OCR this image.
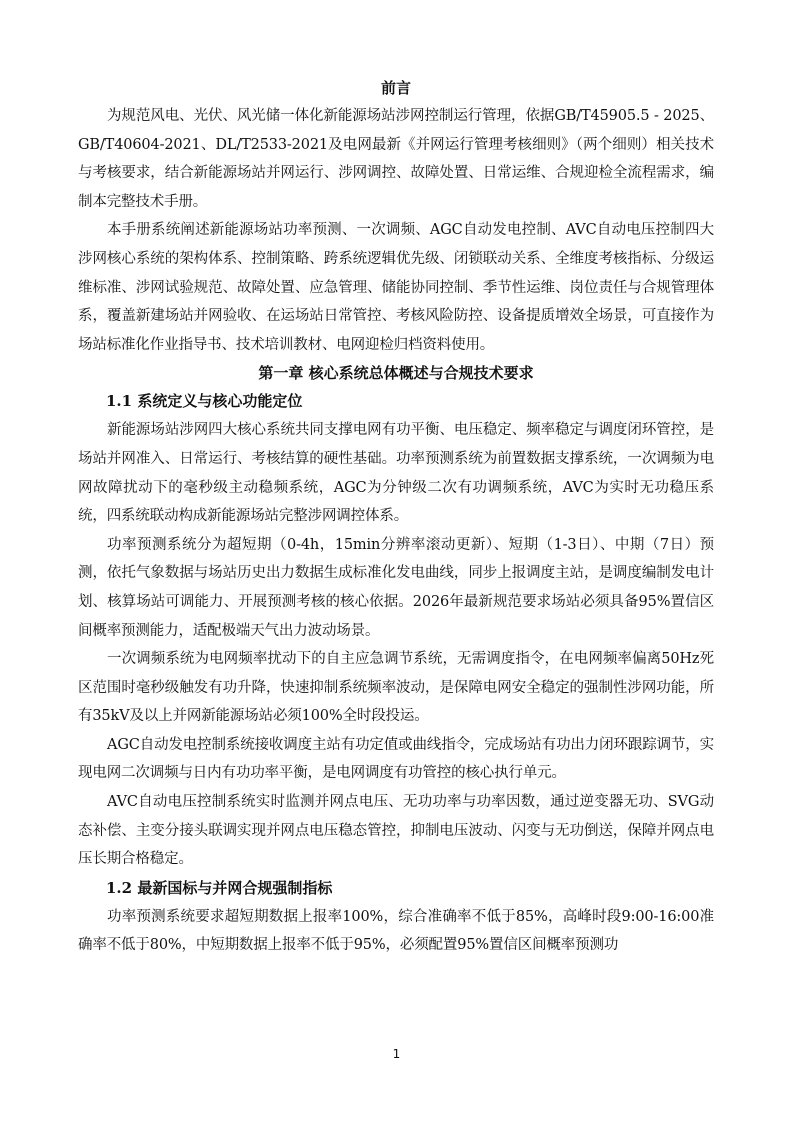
前言

为规范风电、光伏、风光储一体化新能源场站涉网控制运行管理，依据GB/T45905.5 - 2025、GB/T40604-2021、DL/T2533-2021及电网最新《并网运行管理考核细则》（两个细则）相关技术与考核要求，结合新能源场站并网运行、涉网调控、故障处置、日常运维、合规迎检全流程需求，编制本完整技术手册。

本手册系统阐述新能源场站功率预测、一次调频、AGC自动发电控制、AVC自动电压控制四大涉网核心系统的架构体系、控制策略、跨系统逻辑优先级、闭锁联动关系、全维度考核指标、分级运维标准、涉网试验规范、故障处置、应急管理、储能协同控制、季节性运维、岗位责任与合规管理体系，覆盖新建场站并网验收、在运场站日常管控、考核风险防控、设备提质增效全场景，可直接作为场站标准化作业指导书、技术培训教材、电网迎检归档资料使用。

第一章 核心系统总体概述与合规技术要求
1.1 系统定义与核心功能定位

新能源场站涉网四大核心系统共同支撑电网有功平衡、电压稳定、频率稳定与调度闭环管控，是场站并网准入、日常运行、考核结算的硬性基础。功率预测系统为前置数据支撑系统，一次调频为电网故障扰动下的毫秒级主动稳频系统，AGC为分钟级二次有功调频系统，AVC为实时无功稳压系统，四系统联动构成新能源场站完整涉网调控体系。

功率预测系统分为超短期（0-4h，15min分辨率滚动更新）、短期（1-3日）、中期（7日）预测，依托气象数据与场站历史出力数据生成标准化发电曲线，同步上报调度主站，是调度编制发电计划、核算场站可调能力、开展预测考核的核心依据。2026年最新规范要求场站必须具备95%置信区间概率预测能力，适配极端天气出力波动场景。

一次调频系统为电网频率扰动下的自主应急调节系统，无需调度指令，在电网频率偏离50Hz死区范围时毫秒级触发有功升降，快速抑制系统频率波动，是保障电网安全稳定的强制性涉网功能，所有35kV及以上并网新能源场站必须100%全时段投运。

AGC自动发电控制系统接收调度主站有功定值或曲线指令，完成场站有功出力闭环跟踪调节，实现电网二次调频与日内有功功率平衡，是电网调度有功管控的核心执行单元。

AVC自动电压控制系统实时监测并网点电压、无功功率与功率因数，通过逆变器无功、SVG动态补偿、主变分接头联调实现并网点电压稳态管控，抑制电压波动、闪变与无功倒送，保障并网点电压长期合格稳定。

1.2 最新国标与并网合规强制指标

功率预测系统要求超短期数据上报率100%，综合准确率不低于85%，高峰时段9:00-16:00准确率不低于80%，中短期数据上报率不低于95%，必须配置95%置信区间概率预测功

1
